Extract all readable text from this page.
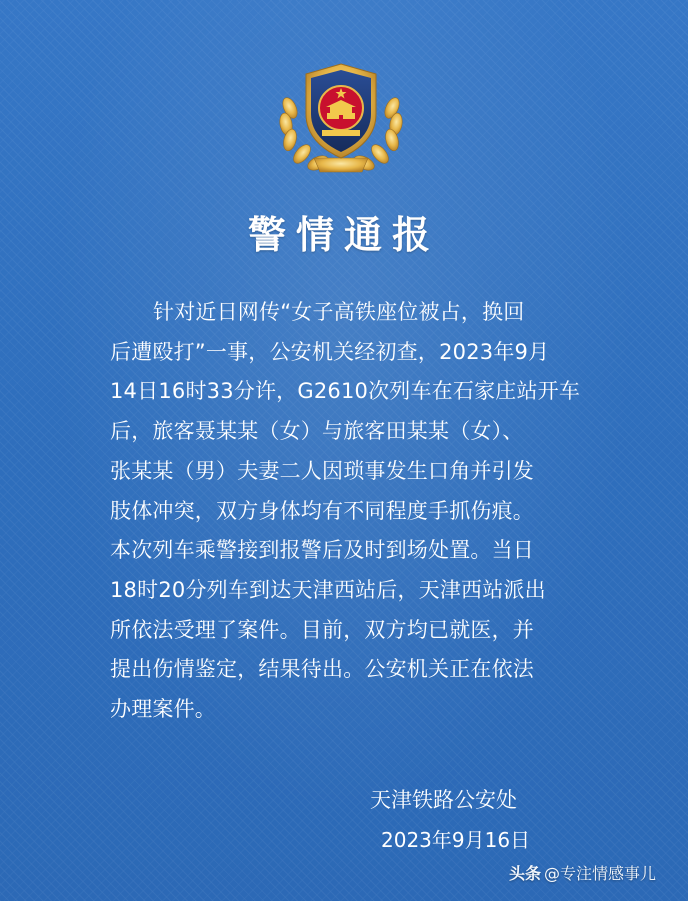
警情通报
针对近日网传“女子高铁座位被占，换回
后遭殴打”一事，公安机关经初查，2023年9月
14日16时33分许，G2610次列车在石家庄站开车
后，旅客聂某某（女）与旅客田某某（女）、
张某某（男）夫妻二人因琐事发生口角并引发
肢体冲突，双方身体均有不同程度手抓伤痕。
本次列车乘警接到报警后及时到场处置。当日
18时20分列车到达天津西站后，天津西站派出
所依法受理了案件。目前，双方均已就医，并
提出伤情鉴定，结果待出。公安机关正在依法
办理案件。
天津铁路公安处
2023年9月16日
头条 @专注情感事儿
